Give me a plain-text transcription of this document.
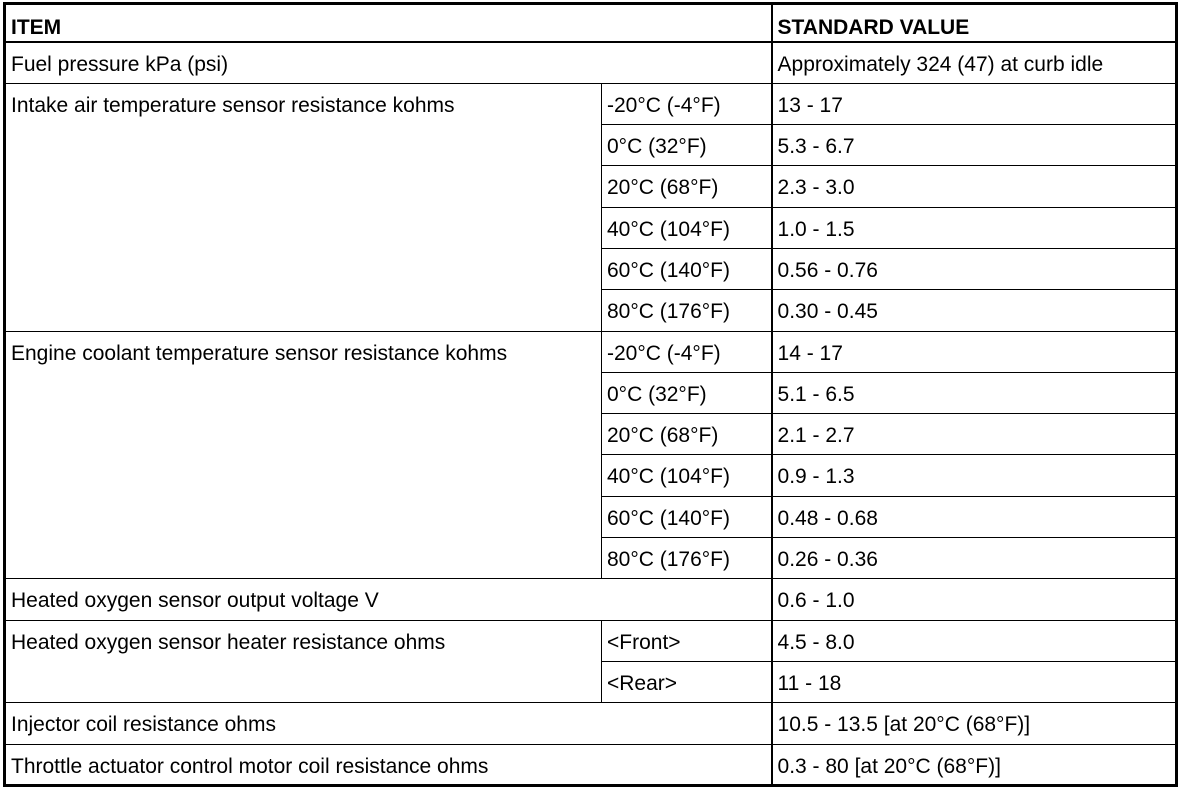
ITEM		STANDARD VALUE
Fuel pressure kPa (psi)		Approximately 324 (47) at curb idle
Intake air temperature sensor resistance kohms	-20°C (-4°F)	13 - 17
	0°C (32°F)	5.3 - 6.7
	20°C (68°F)	2.3 - 3.0
	40°C (104°F)	1.0 - 1.5
	60°C (140°F)	0.56 - 0.76
	80°C (176°F)	0.30 - 0.45
Engine coolant temperature sensor resistance kohms	-20°C (-4°F)	14 - 17
	0°C (32°F)	5.1 - 6.5
	20°C (68°F)	2.1 - 2.7
	40°C (104°F)	0.9 - 1.3
	60°C (140°F)	0.48 - 0.68
	80°C (176°F)	0.26 - 0.36
Heated oxygen sensor output voltage V		0.6 - 1.0
Heated oxygen sensor heater resistance ohms	<Front>	4.5 - 8.0
	<Rear>	11 - 18
Injector coil resistance ohms		10.5 - 13.5 [at 20°C (68°F)]
Throttle actuator control motor coil resistance ohms		0.3 - 80 [at 20°C (68°F)]
